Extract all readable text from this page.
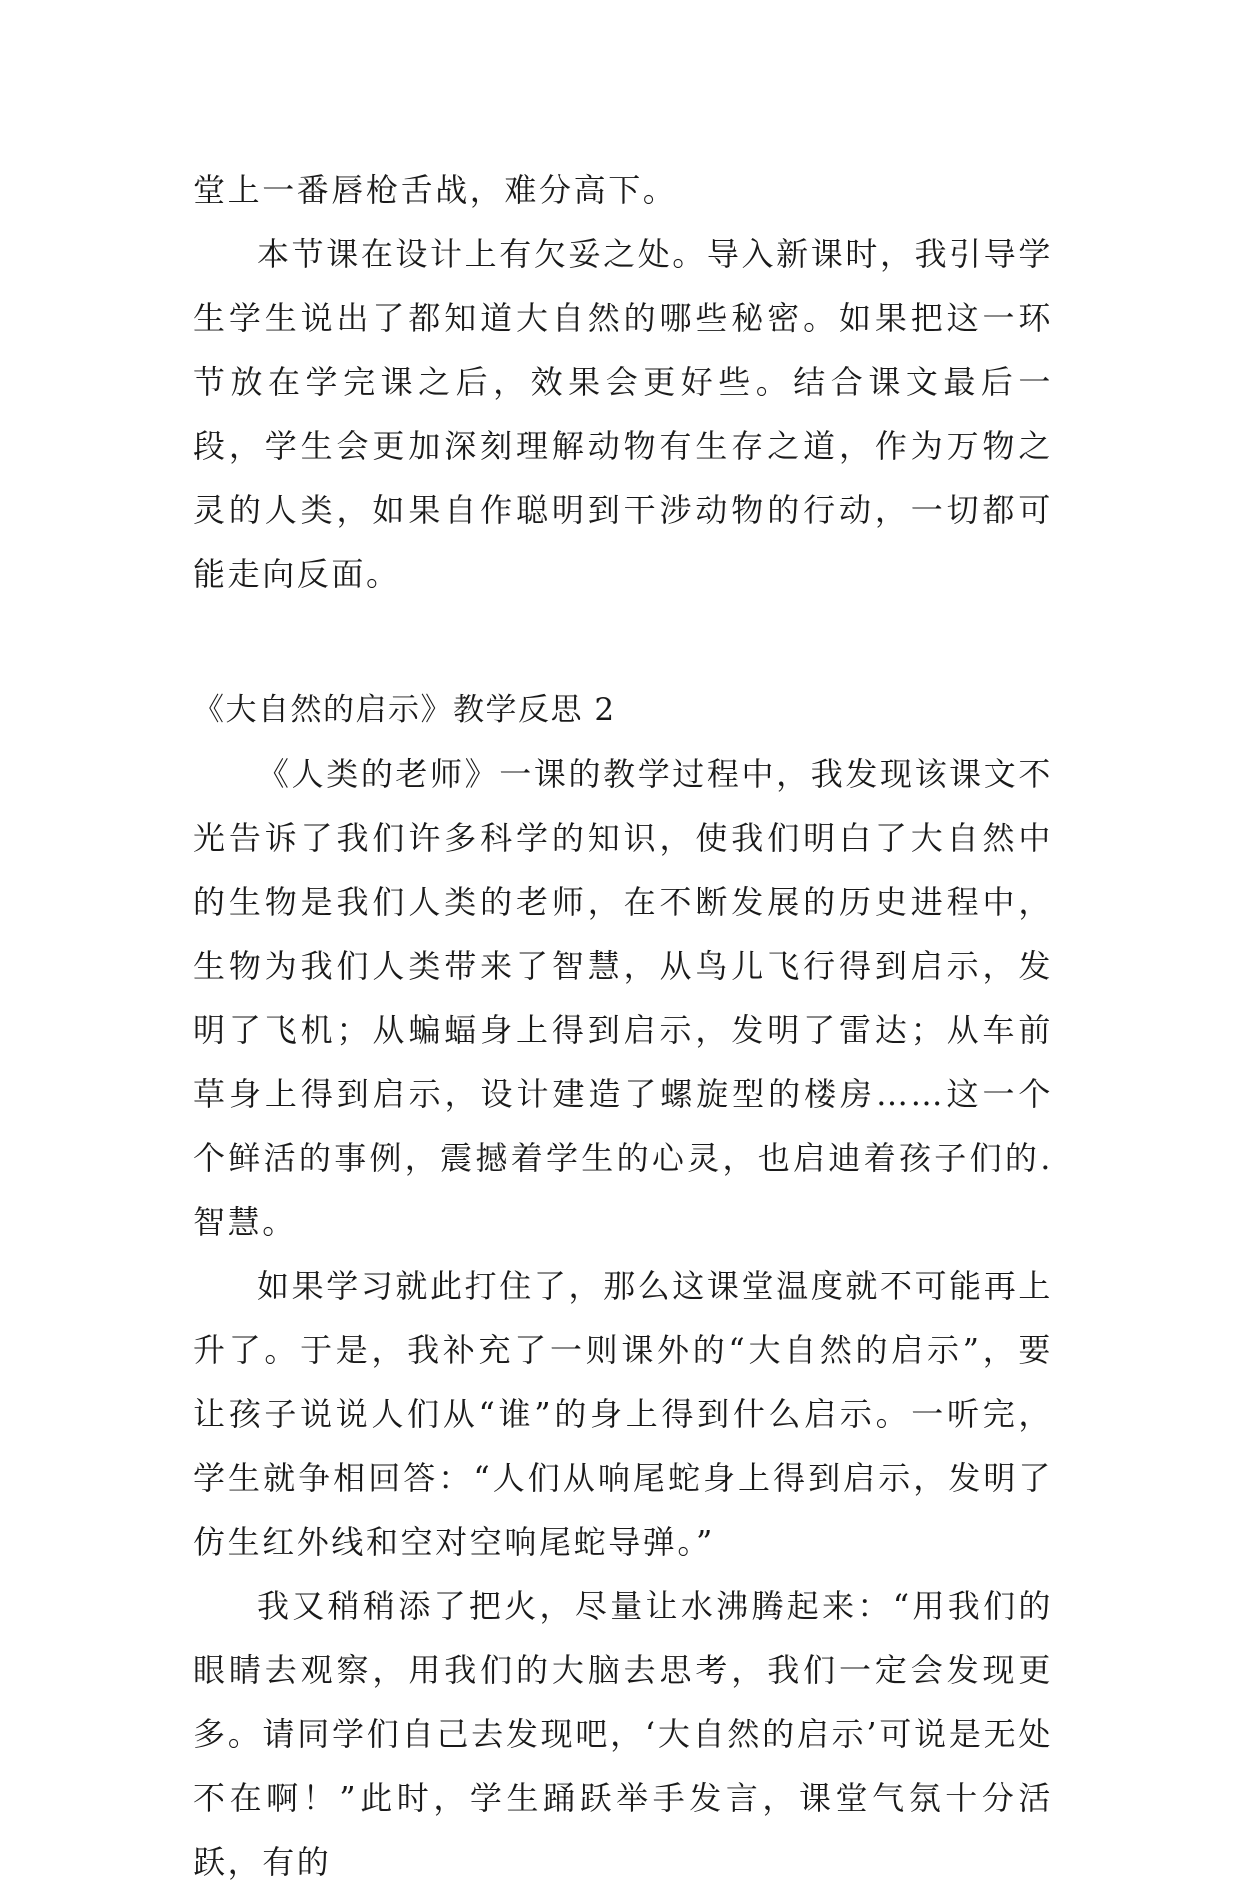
堂上一番唇枪舌战，难分高下。

本节课在设计上有欠妥之处。导入新课时，我引导学生学生说出了都知道大自然的哪些秘密。如果把这一环节放在学完课之后，效果会更好些。结合课文最后一段，学生会更加深刻理解动物有生存之道，作为万物之灵的人类，如果自作聪明到干涉动物的行动，一切都可能走向反面。

《大自然的启示》教学反思 2

《人类的老师》一课的教学过程中，我发现该课文不光告诉了我们许多科学的知识，使我们明白了大自然中的生物是我们人类的老师，在不断发展的历史进程中，生物为我们人类带来了智慧，从鸟儿飞行得到启示，发明了飞机；从蝙蝠身上得到启示，发明了雷达；从车前草身上得到启示，设计建造了螺旋型的楼房……这一个个鲜活的事例，震撼着学生的心灵，也启迪着孩子们的.智慧。

如果学习就此打住了，那么这课堂温度就不可能再上升了。于是，我补充了一则课外的“大自然的启示”，要让孩子说说人们从“谁”的身上得到什么启示。一听完，学生就争相回答：“人们从响尾蛇身上得到启示，发明了仿生红外线和空对空响尾蛇导弹。”

我又稍稍添了把火，尽量让水沸腾起来：“用我们的眼睛去观察，用我们的大脑去思考，我们一定会发现更多。请同学们自己去发现吧，‘大自然的启示’可说是无处不在啊！”此时，学生踊跃举手发言，课堂气氛十分活跃，有的
